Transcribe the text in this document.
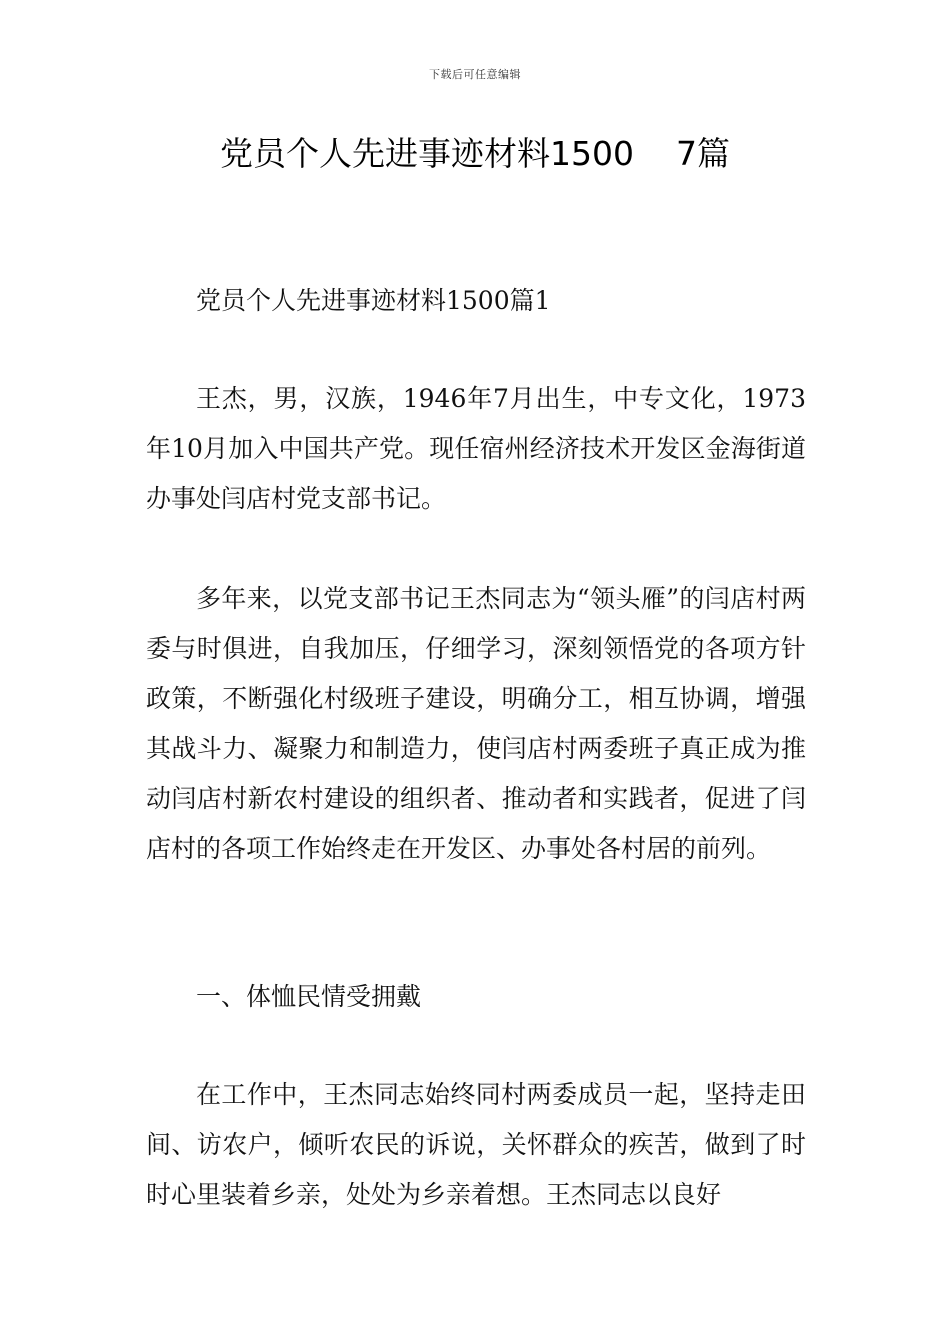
下载后可任意编辑
党员个人先进事迹材料1500    7篇

党员个人先进事迹材料1500篇1

王杰，男，汉族，1946年7月出生，中专文化，1973年10月加入中国共产党。现任宿州经济技术开发区金海街道办事处闫店村党支部书记。

多年来，以党支部书记王杰同志为“领头雁”的闫店村两委与时俱进，自我加压，仔细学习，深刻领悟党的各项方针政策，不断强化村级班子建设，明确分工，相互协调，增强其战斗力、凝聚力和制造力，使闫店村两委班子真正成为推动闫店村新农村建设的组织者、推动者和实践者，促进了闫店村的各项工作始终走在开发区、办事处各村居的前列。

一、体恤民情受拥戴

在工作中，王杰同志始终同村两委成员一起，坚持走田间、访农户，倾听农民的诉说，关怀群众的疾苦，做到了时时心里装着乡亲，处处为乡亲着想。王杰同志以良好
